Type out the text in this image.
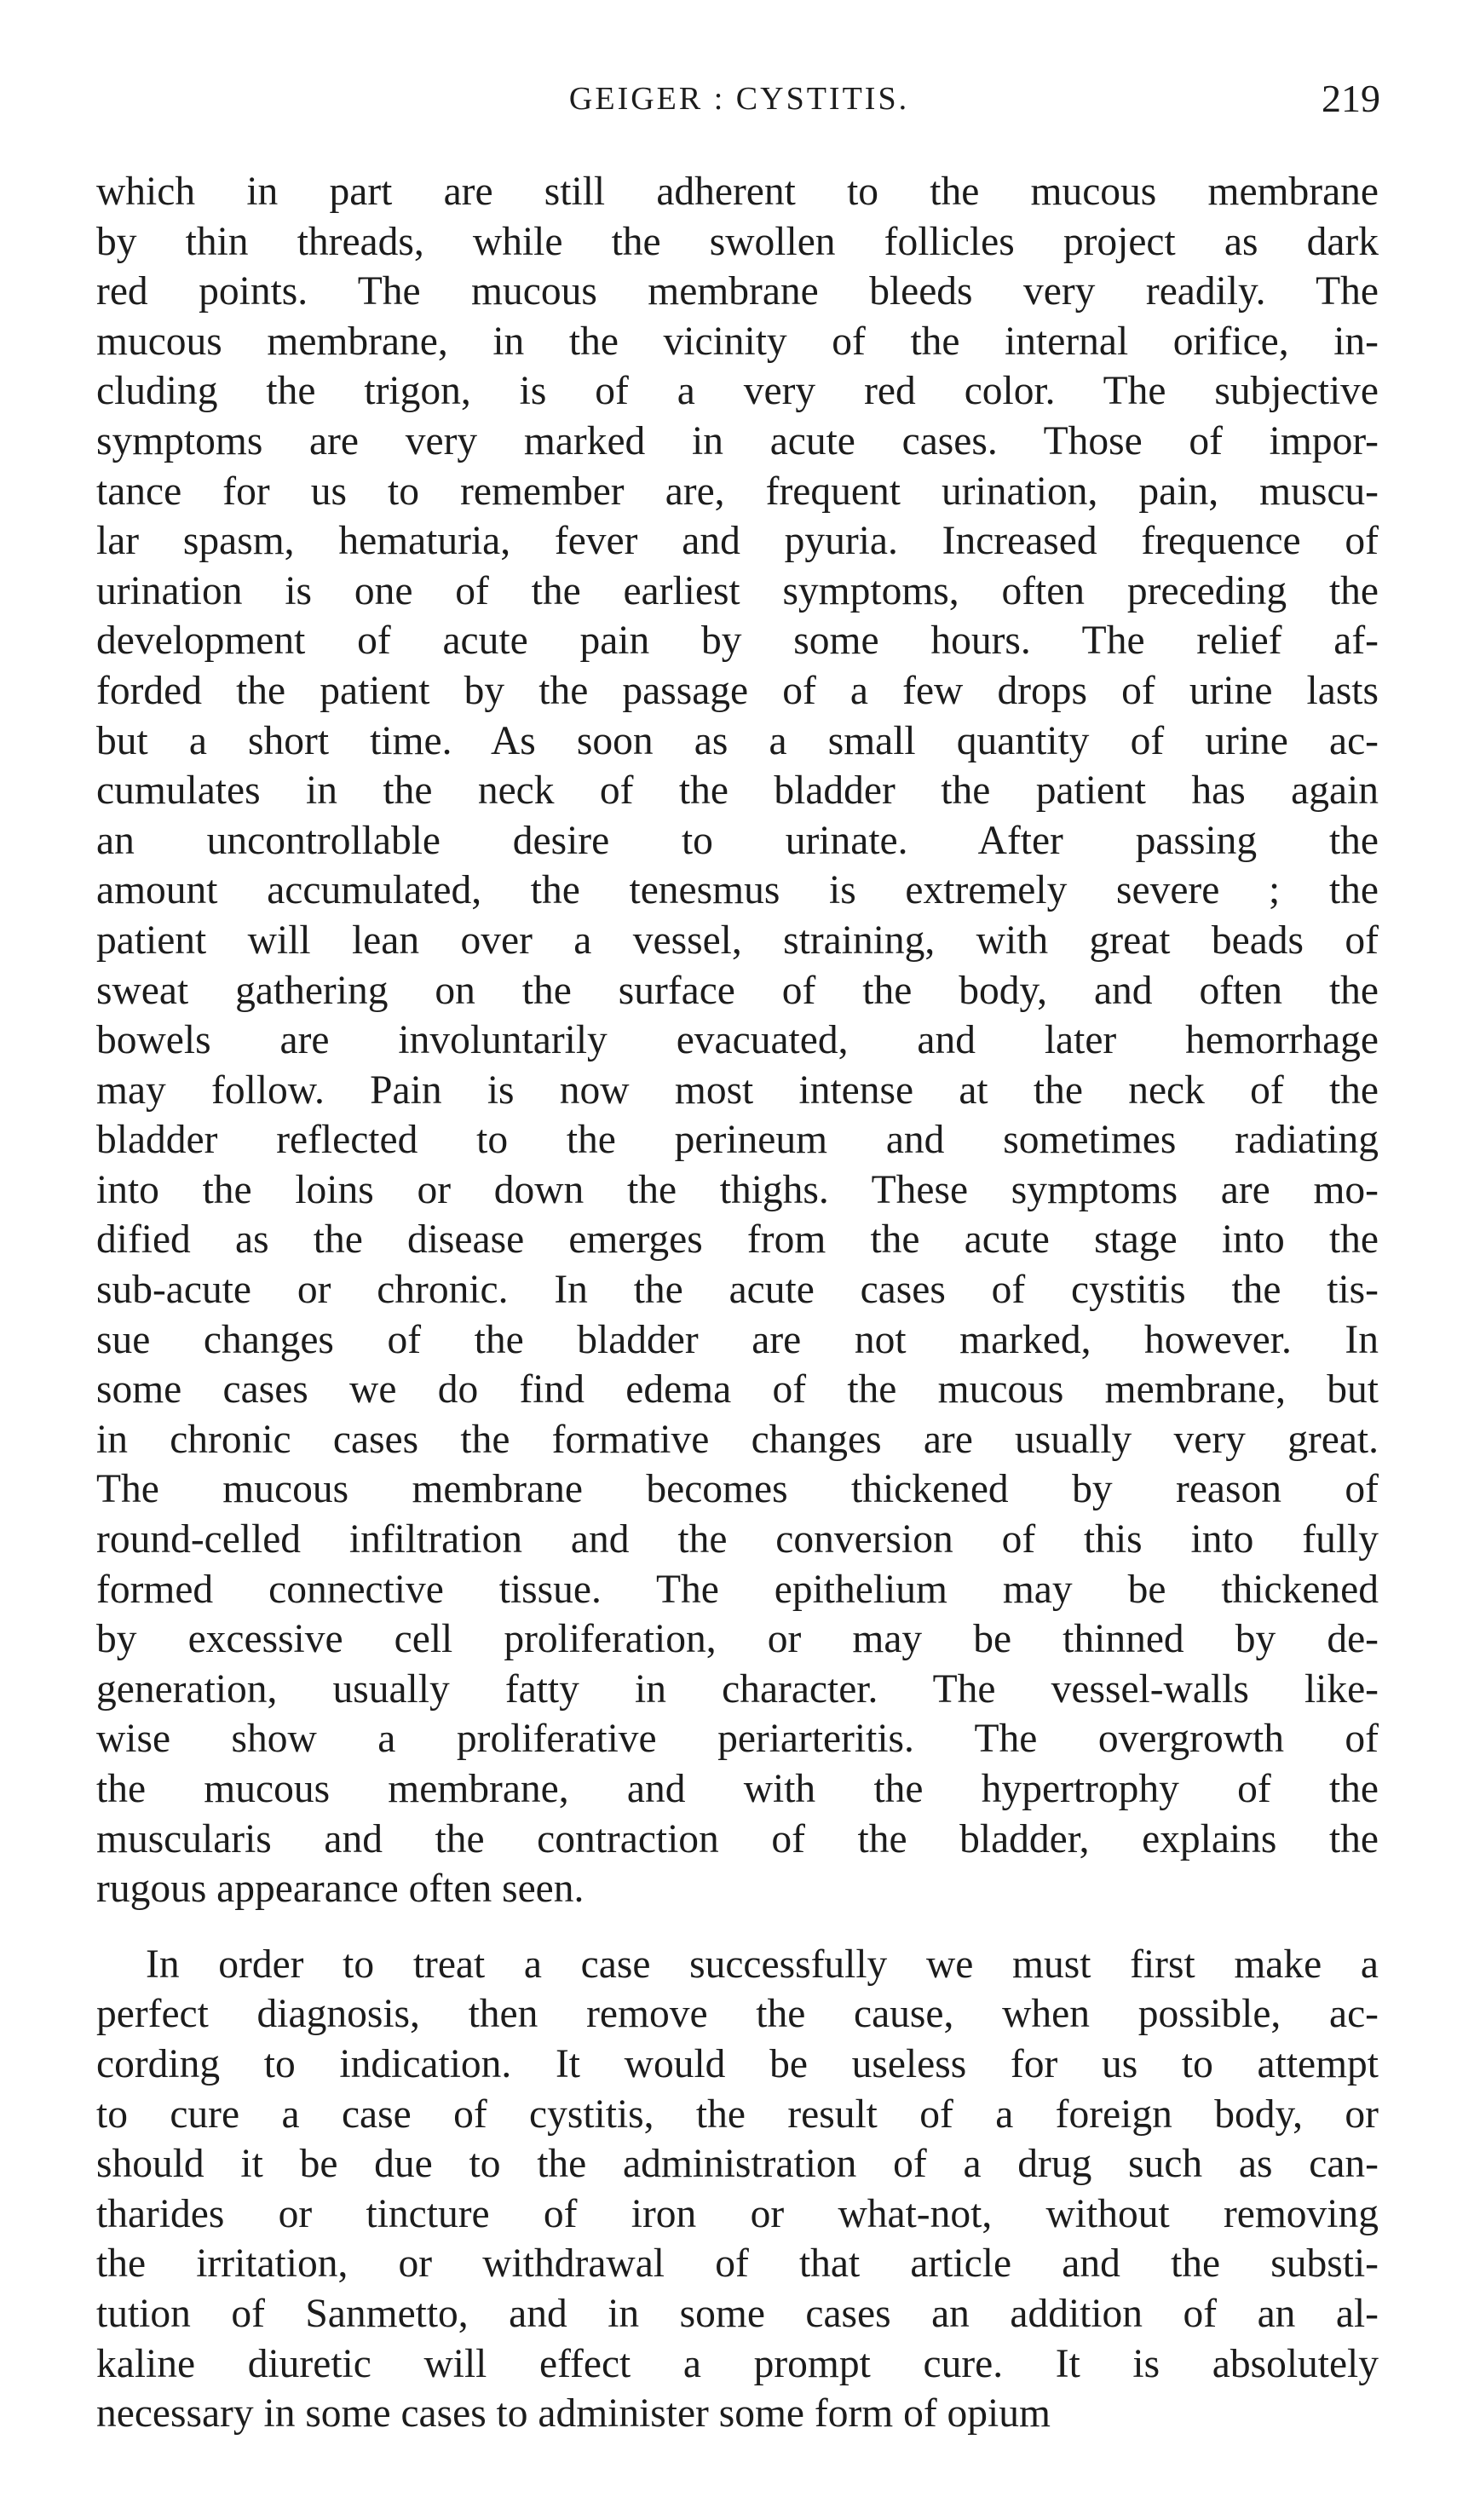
GEIGER : CYSTITIS.	219
which in part are still adherent to the mucous membrane
by thin threads, while the swollen follicles project as dark
red points. The mucous membrane bleeds very readily. The
mucous membrane, in the vicinity of the internal orifice, in-
cluding the trigon, is of a very red color. The subjective
symptoms are very marked in acute cases. Those of impor-
tance for us to remember are, frequent urination, pain, muscu-
lar spasm, hematuria, fever and pyuria. Increased frequence of
urination is one of the earliest symptoms, often preceding the
development of acute pain by some hours. The relief af-
forded the patient by the passage of a few drops of urine lasts
but a short time. As soon as a small quantity of urine ac-
cumulates in the neck of the bladder the patient has again
an uncontrollable desire to urinate. After passing the
amount accumulated, the tenesmus is extremely severe ; the
patient will lean over a vessel, straining, with great beads of
sweat gathering on the surface of the body, and often the
bowels are involuntarily evacuated, and later hemorrhage
may follow. Pain is now most intense at the neck of the
bladder reflected to the perineum and sometimes radiating
into the loins or down the thighs. These symptoms are mo-
dified as the disease emerges from the acute stage into the
sub-acute or chronic. In the acute cases of cystitis the tis-
sue changes of the bladder are not marked, however. In
some cases we do find edema of the mucous membrane, but
in chronic cases the formative changes are usually very great.
The mucous membrane becomes thickened by reason of
round-celled infiltration and the conversion of this into fully
formed connective tissue. The epithelium may be thickened
by excessive cell proliferation, or may be thinned by de-
generation, usually fatty in character. The vessel-walls like-
wise show a proliferative periarteritis. The overgrowth of
the mucous membrane, and with the hypertrophy of the
muscularis and the contraction of the bladder, explains the
rugous appearance often seen.
In order to treat a case successfully we must first make a
perfect diagnosis, then remove the cause, when possible, ac-
cording to indication. It would be useless for us to attempt
to cure a case of cystitis, the result of a foreign body, or
should it be due to the administration of a drug such as can-
tharides or tincture of iron or what-not, without removing
the irritation, or withdrawal of that article and the substi-
tution of Sanmetto, and in some cases an addition of an al-
kaline diuretic will effect a prompt cure. It is absolutely
necessary in some cases to administer some form of opium
